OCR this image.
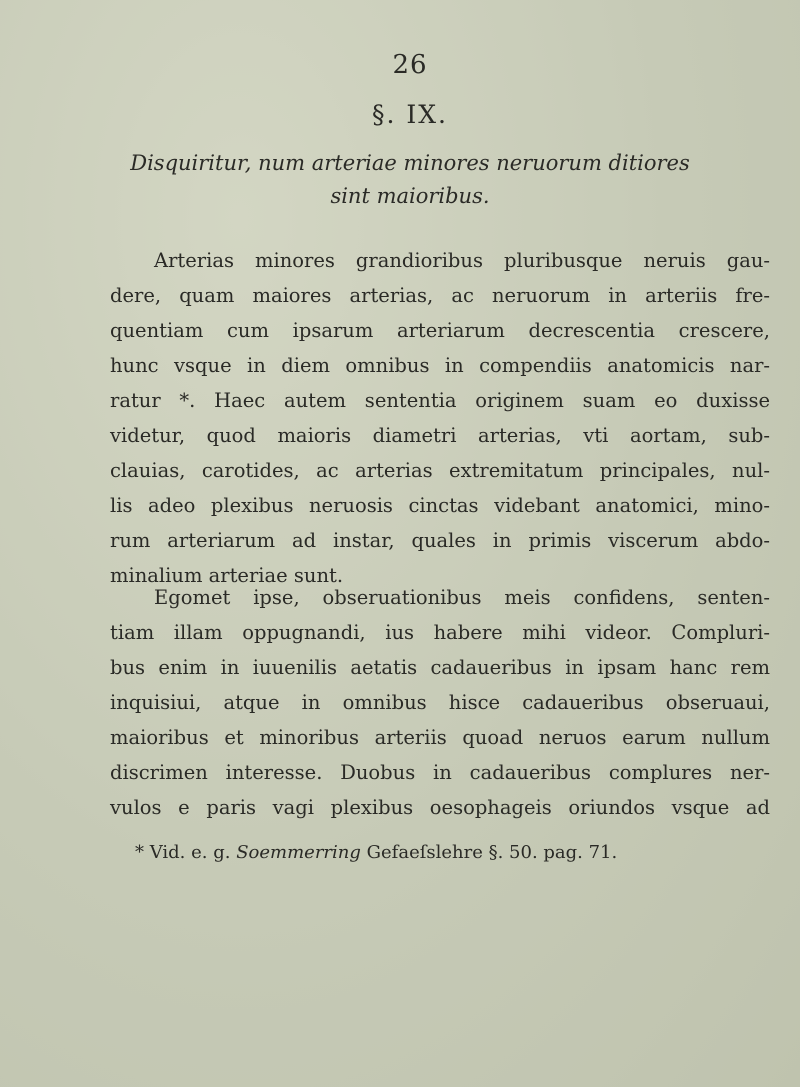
26
§. IX.
Disquiritur, num arteriae minores neruorum ditiores
sint maioribus.
Arterias minores grandioribus pluribusque neruis gau-
dere, quam maiores arterias, ac neruorum in arteriis fre-
quentiam cum ipsarum arteriarum decrescentia crescere,
hunc vsque in diem omnibus in compendiis anatomicis nar-
ratur *. Haec autem sententia originem suam eo duxisse
videtur, quod maioris diametri arterias, vti aortam, sub-
clauias, carotides, ac arterias extremitatum principales, nul-
lis adeo plexibus neruosis cinctas videbant anatomici, mino-
rum arteriarum ad instar, quales in primis viscerum abdo-
minalium arteriae sunt.
Egomet ipse, obseruationibus meis confidens, senten-
tiam illam oppugnandi, ius habere mihi videor. Compluri-
bus enim in iuuenilis aetatis cadaueribus in ipsam hanc rem
inquisiui, atque in omnibus hisce cadaueribus obseruaui,
maioribus et minoribus arteriis quoad neruos earum nullum
discrimen interesse. Duobus in cadaueribus complures ner-
vulos e paris vagi plexibus oesophageis oriundos vsque ad
* Vid. e. g. Soemmerring Gefaeſslehre §. 50. pag. 71.
